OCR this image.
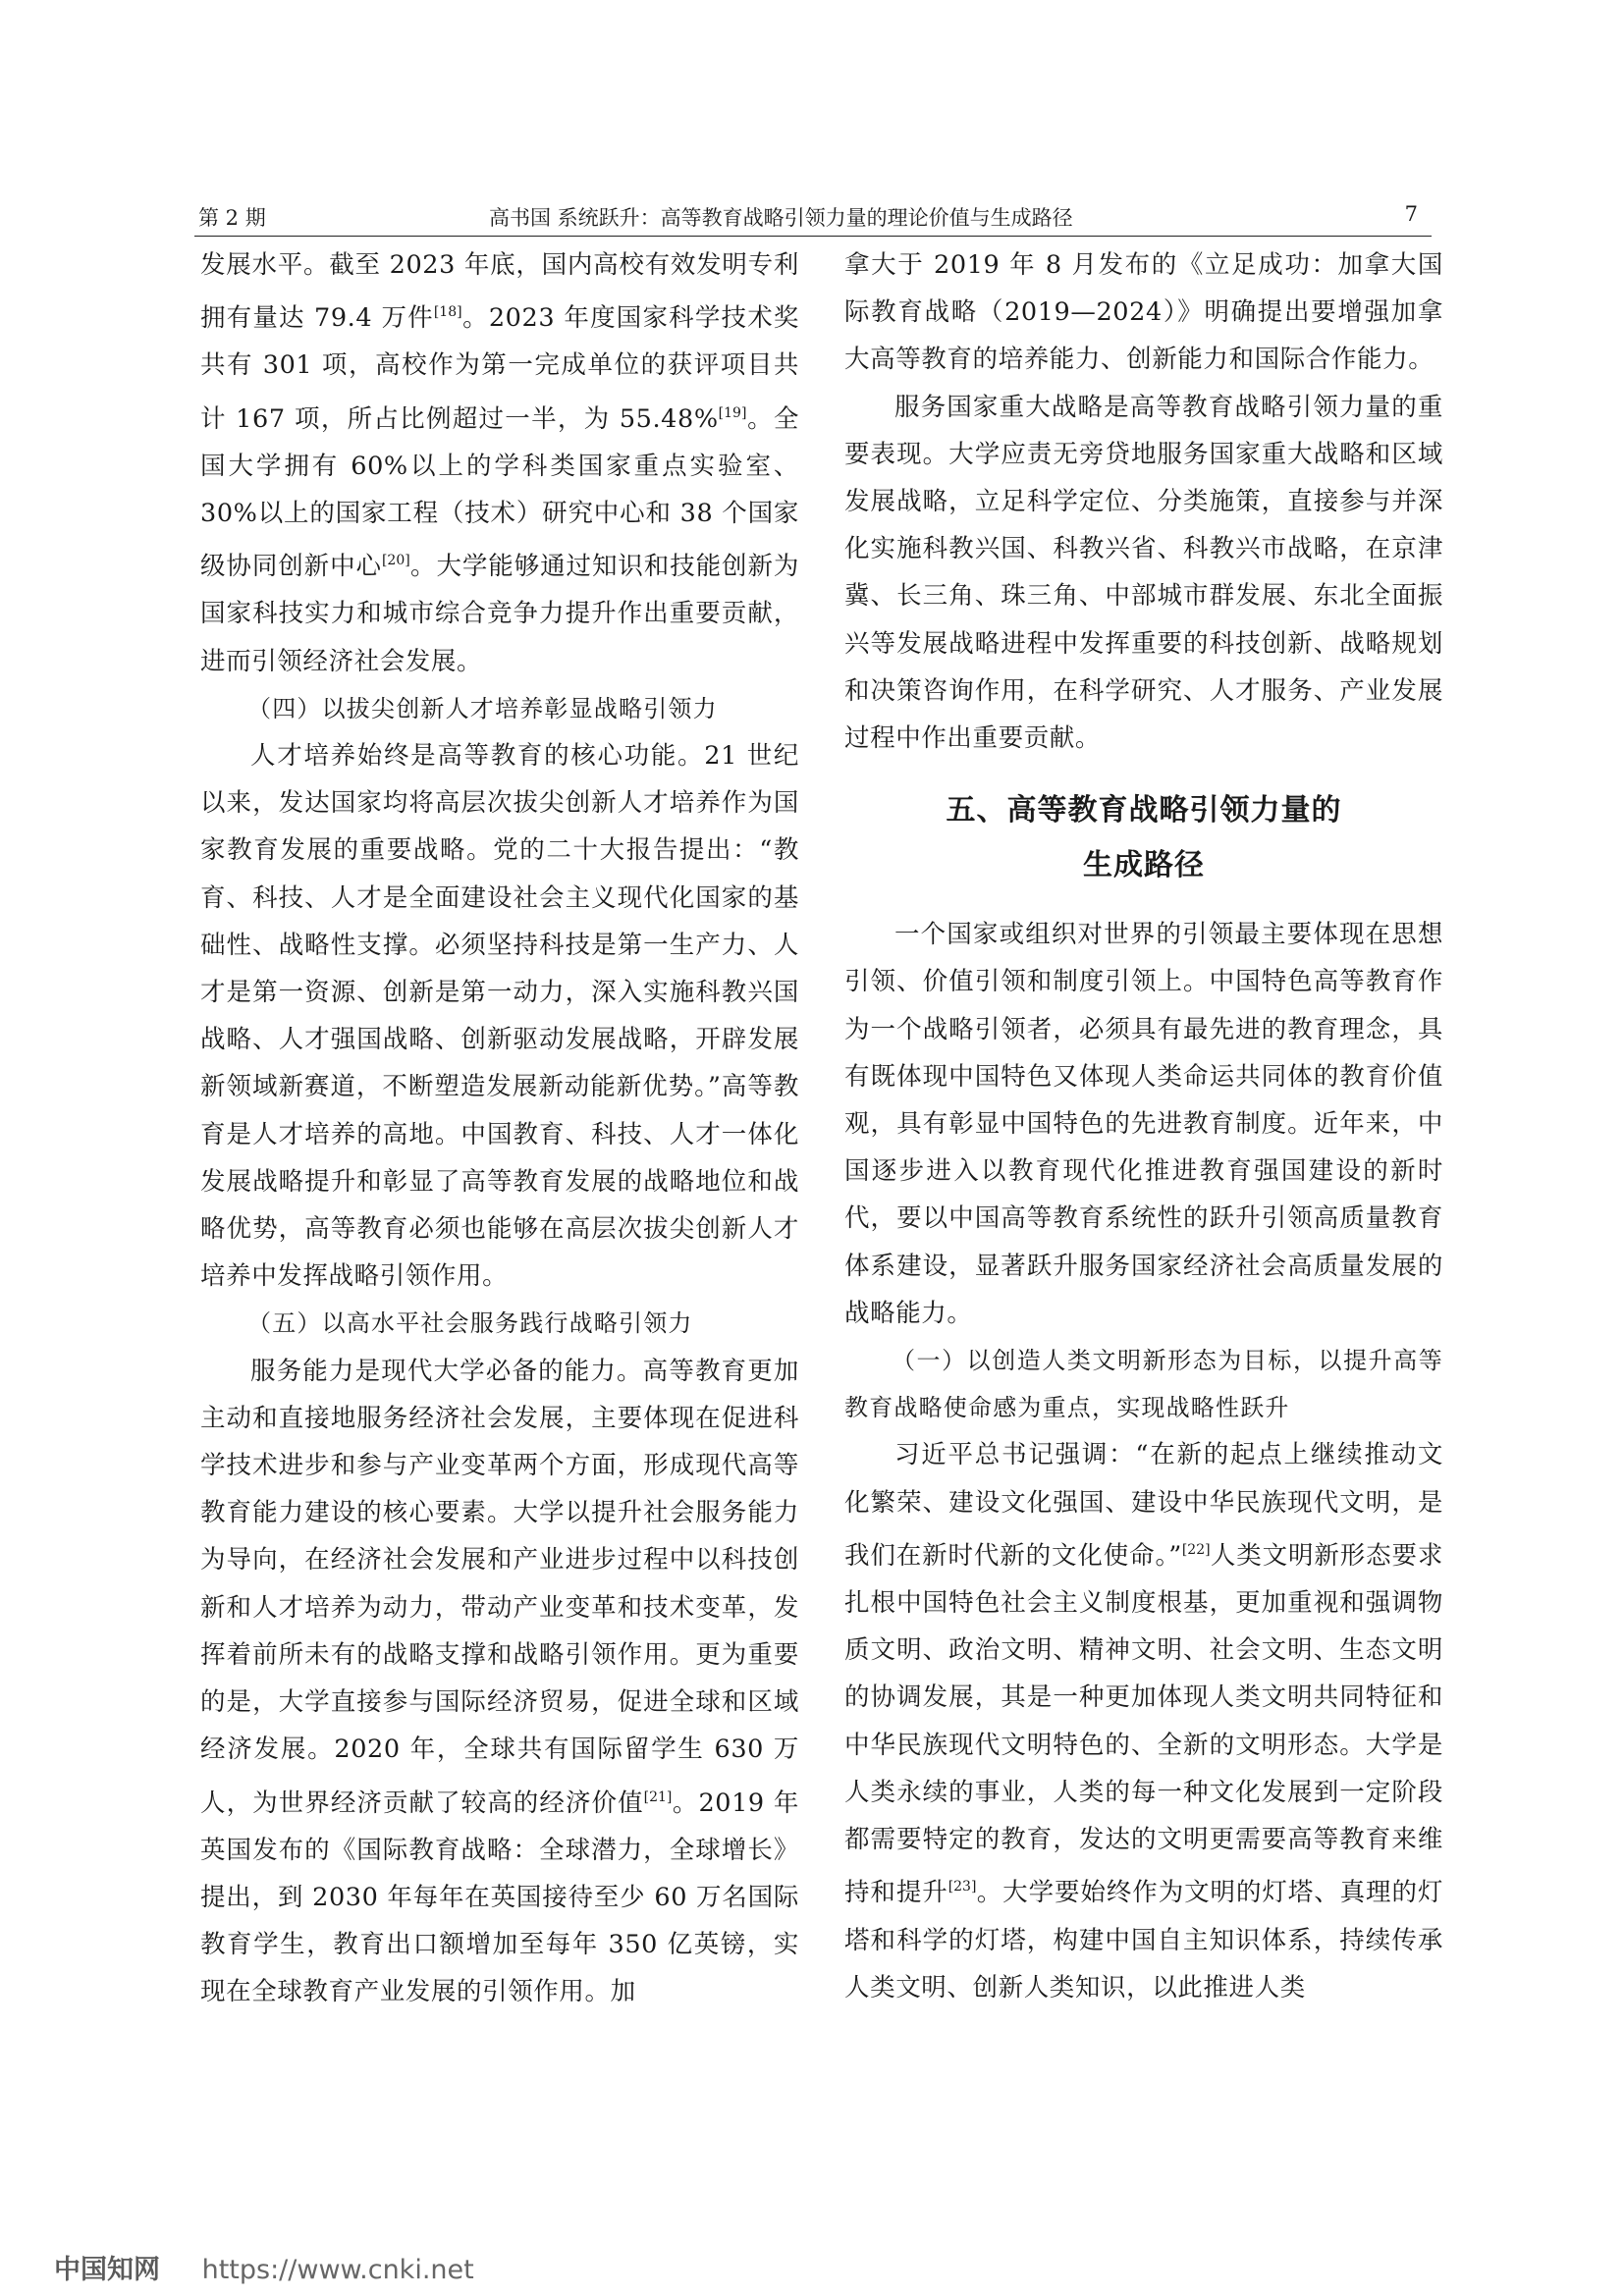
第 2 期	高书国 系统跃升：高等教育战略引领力量的理论价值与生成路径	7

发展水平。截至 2023 年底，国内高校有效发明专利拥有量达 79.4 万件[18]。2023 年度国家科学技术奖共有 301 项，高校作为第一完成单位的获评项目共计 167 项，所占比例超过一半，为 55.48%[19]。全国大学拥有 60%以上的学科类国家重点实验室、30%以上的国家工程（技术）研究中心和 38 个国家级协同创新中心[20]。大学能够通过知识和技能创新为国家科技实力和城市综合竞争力提升作出重要贡献，进而引领经济社会发展。

（四）以拔尖创新人才培养彰显战略引领力

人才培养始终是高等教育的核心功能。21 世纪以来，发达国家均将高层次拔尖创新人才培养作为国家教育发展的重要战略。党的二十大报告提出：“教育、科技、人才是全面建设社会主义现代化国家的基础性、战略性支撑。必须坚持科技是第一生产力、人才是第一资源、创新是第一动力，深入实施科教兴国战略、人才强国战略、创新驱动发展战略，开辟发展新领域新赛道，不断塑造发展新动能新优势。”高等教育是人才培养的高地。中国教育、科技、人才一体化发展战略提升和彰显了高等教育发展的战略地位和战略优势，高等教育必须也能够在高层次拔尖创新人才培养中发挥战略引领作用。

（五）以高水平社会服务践行战略引领力

服务能力是现代大学必备的能力。高等教育更加主动和直接地服务经济社会发展，主要体现在促进科学技术进步和参与产业变革两个方面，形成现代高等教育能力建设的核心要素。大学以提升社会服务能力为导向，在经济社会发展和产业进步过程中以科技创新和人才培养为动力，带动产业变革和技术变革，发挥着前所未有的战略支撑和战略引领作用。更为重要的是，大学直接参与国际经济贸易，促进全球和区域经济发展。2020 年，全球共有国际留学生 630 万人，为世界经济贡献了较高的经济价值[21]。2019 年英国发布的《国际教育战略：全球潜力，全球增长》提出，到 2030 年每年在英国接待至少 60 万名国际教育学生，教育出口额增加至每年 350 亿英镑，实现在全球教育产业发展的引领作用。加

拿大于 2019 年 8 月发布的《立足成功：加拿大国际教育战略（2019—2024）》明确提出要增强加拿大高等教育的培养能力、创新能力和国际合作能力。

服务国家重大战略是高等教育战略引领力量的重要表现。大学应责无旁贷地服务国家重大战略和区域发展战略，立足科学定位、分类施策，直接参与并深化实施科教兴国、科教兴省、科教兴市战略，在京津冀、长三角、珠三角、中部城市群发展、东北全面振兴等发展战略进程中发挥重要的科技创新、战略规划和决策咨询作用，在科学研究、人才服务、产业发展过程中作出重要贡献。

五、高等教育战略引领力量的
生成路径

一个国家或组织对世界的引领最主要体现在思想引领、价值引领和制度引领上。中国特色高等教育作为一个战略引领者，必须具有最先进的教育理念，具有既体现中国特色又体现人类命运共同体的教育价值观，具有彰显中国特色的先进教育制度。近年来，中国逐步进入以教育现代化推进教育强国建设的新时代，要以中国高等教育系统性的跃升引领高质量教育体系建设，显著跃升服务国家经济社会高质量发展的战略能力。

（一）以创造人类文明新形态为目标，以提升高等教育战略使命感为重点，实现战略性跃升

习近平总书记强调：“在新的起点上继续推动文化繁荣、建设文化强国、建设中华民族现代文明，是我们在新时代新的文化使命。”[22]人类文明新形态要求扎根中国特色社会主义制度根基，更加重视和强调物质文明、政治文明、精神文明、社会文明、生态文明的协调发展，其是一种更加体现人类文明共同特征和中华民族现代文明特色的、全新的文明形态。大学是人类永续的事业，人类的每一种文化发展到一定阶段都需要特定的教育，发达的文明更需要高等教育来维持和提升[23]。大学要始终作为文明的灯塔、真理的灯塔和科学的灯塔，构建中国自主知识体系，持续传承人类文明、创新人类知识，以此推进人类

中国知网 https://www.cnki.net
